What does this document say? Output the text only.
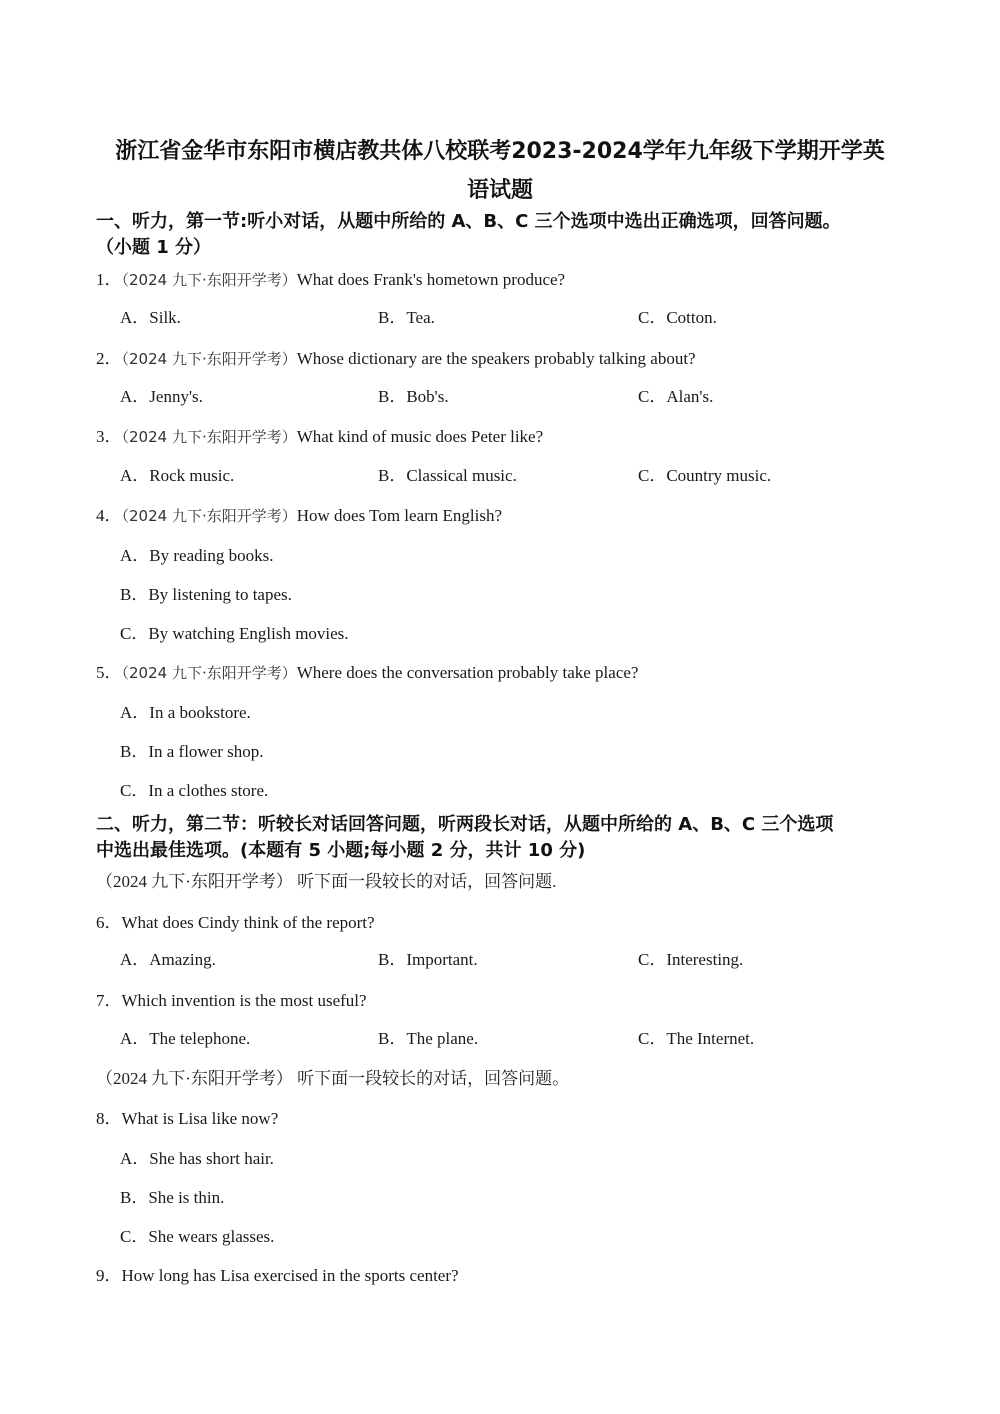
浙江省金华市东阳市横店教共体八校联考2023-2024学年九年级下学期开学英
语试题
一、听力，第一节:听小对话，从题中所给的 A、B、C 三个选项中选出正确选项，回答问题。
（小题 1 分）
1．（2024 九下·东阳开学考）What does Frank's hometown produce?
A．Silk.	B．Tea.	C．Cotton.
2．（2024 九下·东阳开学考）Whose dictionary are the speakers probably talking about?
A．Jenny's.	B．Bob's.	C．Alan's.
3．（2024 九下·东阳开学考）What kind of music does Peter like?
A．Rock music.	B．Classical music.	C．Country music.
4．（2024 九下·东阳开学考）How does Tom learn English?
A．By reading books.
B．By listening to tapes.
C．By watching English movies.
5．（2024 九下·东阳开学考）Where does the conversation probably take place?
A．In a bookstore.
B．In a flower shop.
C．In a clothes store.
二、听力，第二节：听较长对话回答问题，听两段长对话，从题中所给的 A、B、C 三个选项
中选出最佳选项。(本题有 5 小题;每小题 2 分，共计 10 分)
（2024 九下·东阳开学考） 听下面一段较长的对话，回答问题.
6．What does Cindy think of the report?
A．Amazing.	B．Important.	C．Interesting.
7．Which invention is the most useful?
A．The telephone.	B．The plane.	C．The Internet.
（2024 九下·东阳开学考） 听下面一段较长的对话，回答问题。
8．What is Lisa like now?
A．She has short hair.
B．She is thin.
C．She wears glasses.
9．How long has Lisa exercised in the sports center?
